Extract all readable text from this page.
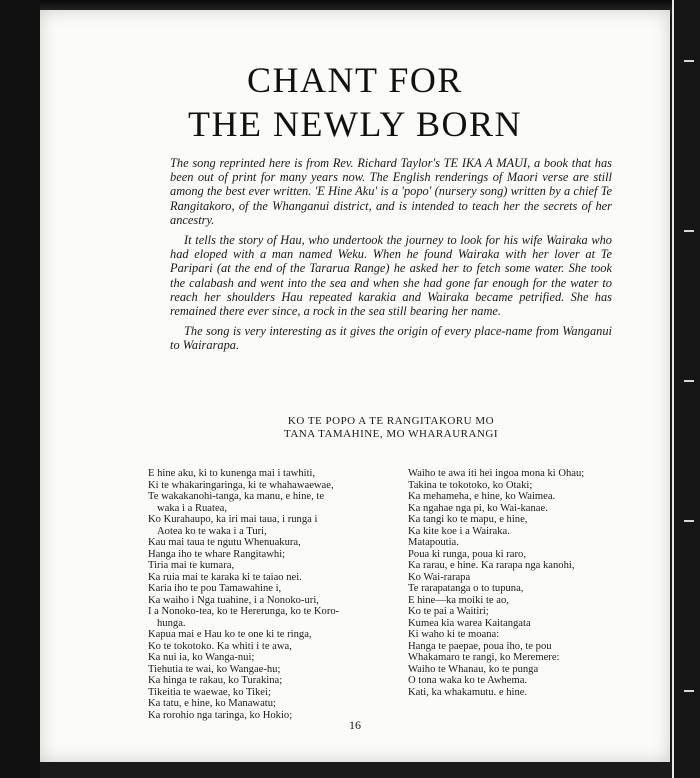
CHANT FOR
THE NEWLY BORN

The song reprinted here is from Rev. Richard Taylor's TE IKA A MAUI, a book that has been out of print for many years now. The English renderings of Maori verse are still among the best ever written. 'E Hine Aku' is a 'popo' (nursery song) written by a chief Te Rangitakoro, of the Whanganui district, and is intended to teach her the secrets of her ancestry.

It tells the story of Hau, who undertook the journey to look for his wife Wairaka who had eloped with a man named Weku. When he found Wairaka with her lover at Te Paripari (at the end of the Tararua Range) he asked her to fetch some water. She took the calabash and went into the sea and when she had gone far enough for the water to reach her shoulders Hau repeated karakia and Wairaka became petrified. She has remained there ever since, a rock in the sea still bearing her name.

The song is very interesting as it gives the origin of every place-name from Wanganui to Wairarapa.

KO TE POPO A TE RANGITAKORU MO
TANA TAMAHINE, MO WHARAURANGI
E hine aku, ki to kunenga mai i tawhiti,
Ki te whakaringaringa, ki te whahawaewae,
Te wakakanohi-tanga, ka manu, e hine, te
waka i a Ruatea,
Ko Kurahaupo, ka iri mai taua, i runga i
Aotea ko te waka i a Turi,
Kau mai taua te ngutu Whenuakura,
Hanga iho te whare Rangitawhi;
Tiria mai te kumara,
Ka ruia mai te karaka ki te taiao nei.
Karia iho te pou Tamawahine i,
Ka waiho i Nga tuahine, i a Nonoko-uri,
I a Nonoko-tea, ko te Hererunga, ko te Koro-
hunga.
Kapua mai e Hau ko te one ki te ringa,
Ko te tokotoko. Ka whiti i te awa,
Ka nui ia, ko Wanga-nui;
Tiehutia te wai, ko Wangae-hu;
Ka hinga te rakau, ko Turakina;
Tikeitia te waewae, ko Tikei;
Ka tatu, e hine, ko Manawatu;
Ka rorohio nga taringa, ko Hokio;
Waiho te awa iti hei ingoa mona ki Ohau;
Takina te tokotoko, ko Otaki;
Ka mehameha, e hine, ko Waimea.
Ka ngahae nga pi, ko Wai-kanae.
Ka tangi ko te mapu, e hine,
Ka kite koe i a Wairaka.
Matapoutia.
Poua ki runga, poua ki raro,
Ka rarau, e hine. Ka rarapa nga kanohi,
Ko Wai-rarapa
Te rarapatanga o to tupuna,
E hine—ka moiki te ao,
Ko te pai a Waitiri;
Kumea kia warea Kaitangata
Ki waho ki te moana:
Hanga te paepae, poua iho, te pou
Whakamaro te rangi, ko Meremere:
Waiho te Whanau, ko te punga
O tona waka ko te Awhema.
Kati, ka whakamutu. e hine.
16
